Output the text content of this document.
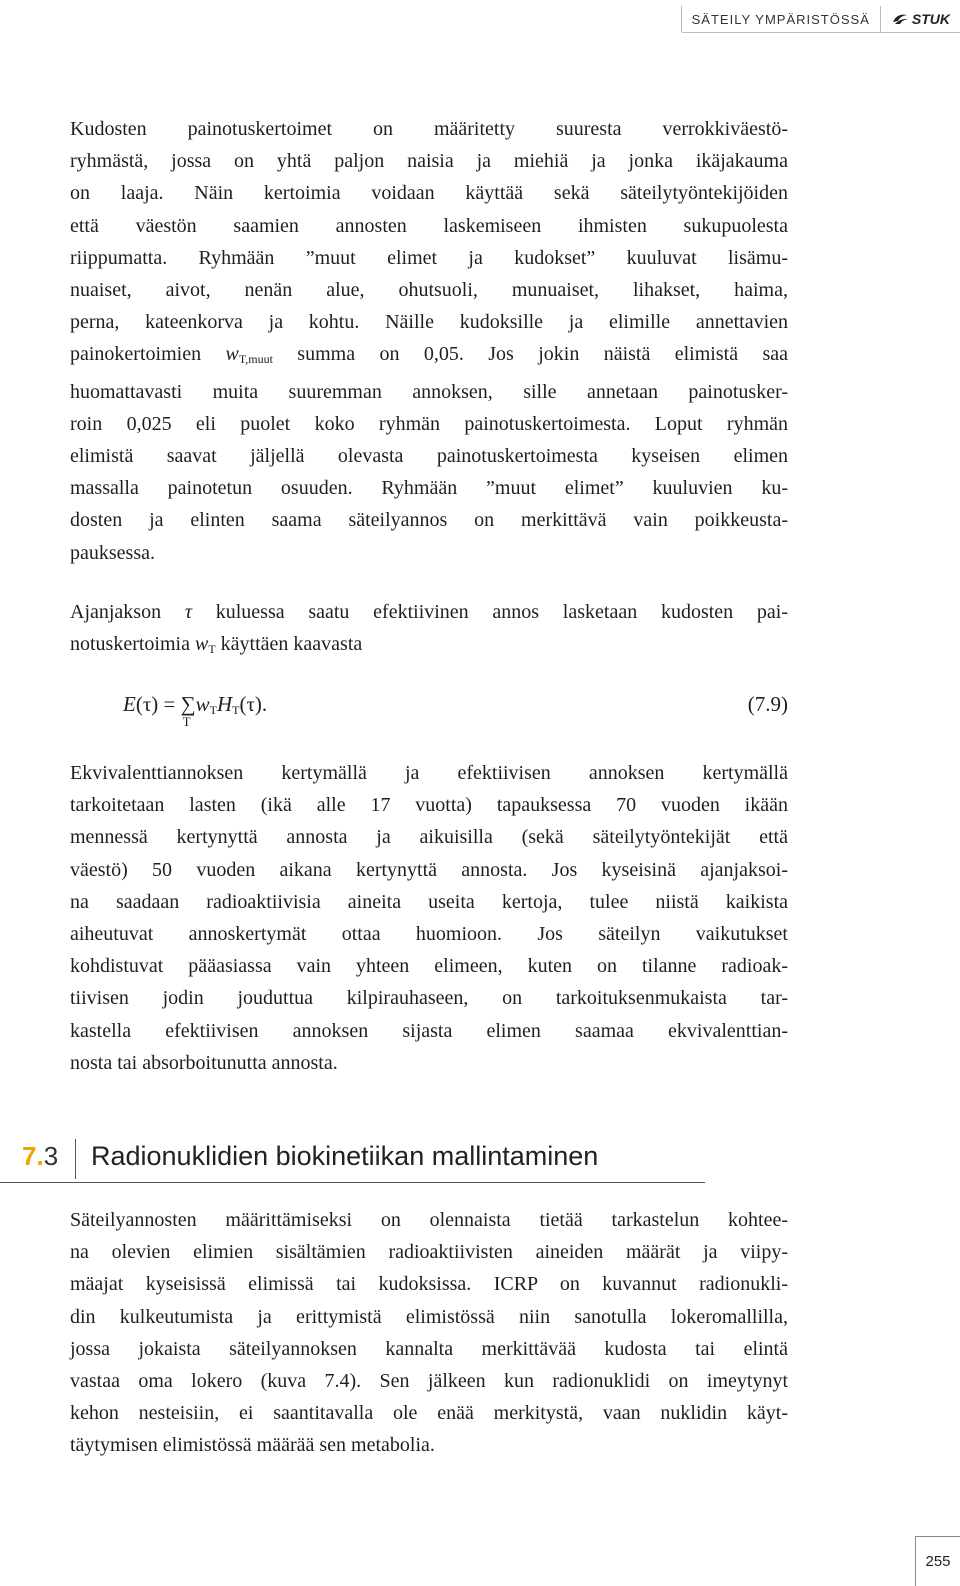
SÄTEILY YMPÄRISTÖSSÄ	STUK
Kudosten painotuskertoimet on määritetty suuresta verrokkiväestö-
ryhmästä, jossa on yhtä paljon naisia ja miehiä ja jonka ikäjakauma
on laaja. Näin kertoimia voidaan käyttää sekä säteilytyöntekijöiden
että väestön saamien annosten laskemiseen ihmisten sukupuolesta
riippumatta. Ryhmään ”muut elimet ja kudokset” kuuluvat lisämu-
nuaiset, aivot, nenän alue, ohutsuoli, munuaiset, lihakset, haima,
perna, kateenkorva ja kohtu. Näille kudoksille ja elimille annettavien
painokertoimien $w_{T,muut}$ summa on 0,05. Jos jokin näistä elimistä saa
huomattavasti muita suuremman annoksen, sille annetaan painotusker-
roin 0,025 eli puolet koko ryhmän painotuskertoimesta. Loput ryhmän
elimistä saavat jäljellä olevasta painotuskertoimesta kyseisen elimen
massalla painotetun osuuden. Ryhmään ”muut elimet” kuuluvien ku-
dosten ja elinten saama säteilyannos on merkittävä vain poikkeusta-
pauksessa.
Ajanjakson τ kuluessa saatu efektiivinen annos lasketaan kudosten pai-
notuskertoimia $w_T$ käyttäen kaavasta
E(τ) = ∑
T
$w_TH_T(\tau)$.	(7.9)
Ekvivalenttiannoksen kertymällä ja efektiivisen annoksen kertymällä
tarkoitetaan lasten (ikä alle 17 vuotta) tapauksessa 70 vuoden ikään
mennessä kertynyttä annosta ja aikuisilla (sekä säteilytyöntekijät että
väestö) 50 vuoden aikana kertynyttä annosta. Jos kyseisinä ajanjaksoi-
na saadaan radioaktiivisia aineita useita kertoja, tulee niistä kaikista
aiheutuvat annoskertymät ottaa huomioon. Jos säteilyn vaikutukset
kohdistuvat pääasiassa vain yhteen elimeen, kuten on tilanne radioak-
tiivisen jodin jouduttua kilpirauhaseen, on tarkoituksenmukaista tar-
kastella efektiivisen annoksen sijasta elimen saamaa ekvivalenttian-
nosta tai absorboitunutta annosta.
7.3 Radionuklidien biokinetiikan mallintaminen
Säteilyannosten määrittämiseksi on olennaista tietää tarkastelun kohtee-
na olevien elimien sisältämien radioaktiivisten aineiden määrät ja viipy-
mäajat kyseisissä elimissä tai kudoksissa. ICRP on kuvannut radionukli-
din kulkeutumista ja erittymistä elimistössä niin sanotulla lokeromallilla,
jossa jokaista säteilyannoksen kannalta merkittävää kudosta tai elintä
vastaa oma lokero (kuva 7.4). Sen jälkeen kun radionuklidi on imeytynyt
kehon nesteisiin, ei saantitavalla ole enää merkitystä, vaan nuklidin käyt-
täytymisen elimistössä määrää sen metabolia.
255
